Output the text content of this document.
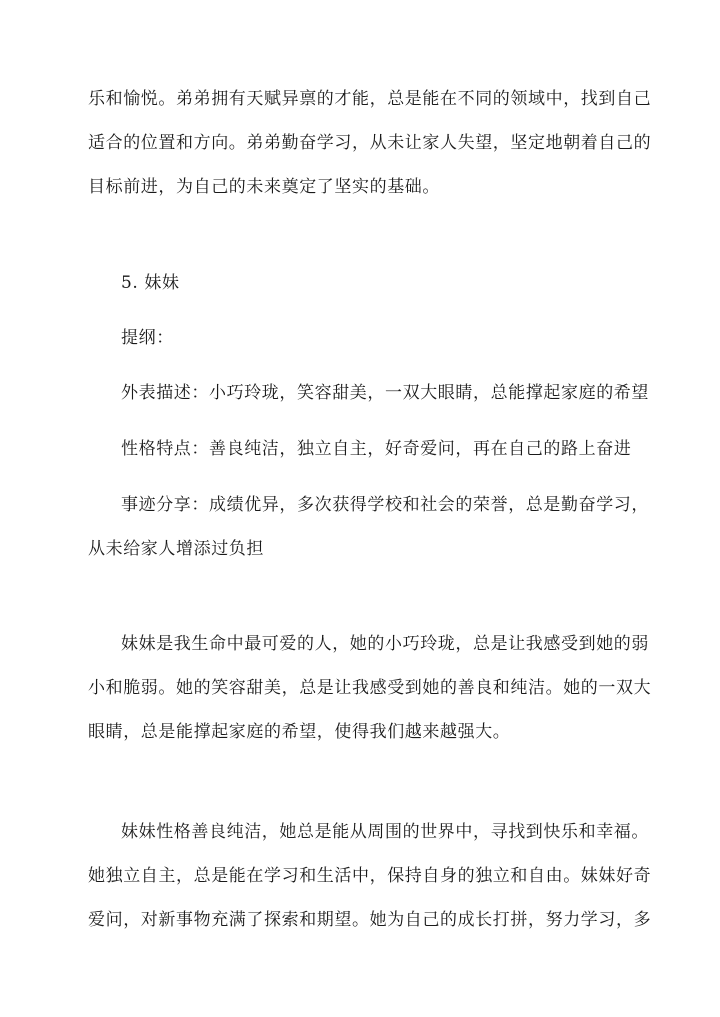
乐和愉悦。弟弟拥有天赋异禀的才能，总是能在不同的领域中，找到自己
适合的位置和方向。弟弟勤奋学习，从未让家人失望，坚定地朝着自己的
目标前进，为自己的未来奠定了坚实的基础。
5. 妹妹
提纲：
外表描述：小巧玲珑，笑容甜美，一双大眼睛，总能撑起家庭的希望
性格特点：善良纯洁，独立自主，好奇爱问，再在自己的路上奋进
事迹分享：成绩优异，多次获得学校和社会的荣誉，总是勤奋学习，
从未给家人增添过负担
妹妹是我生命中最可爱的人，她的小巧玲珑，总是让我感受到她的弱
小和脆弱。她的笑容甜美，总是让我感受到她的善良和纯洁。她的一双大
眼睛，总是能撑起家庭的希望，使得我们越来越强大。
妹妹性格善良纯洁，她总是能从周围的世界中，寻找到快乐和幸福。
她独立自主，总是能在学习和生活中，保持自身的独立和自由。妹妹好奇
爱问，对新事物充满了探索和期望。她为自己的成长打拼，努力学习，多
